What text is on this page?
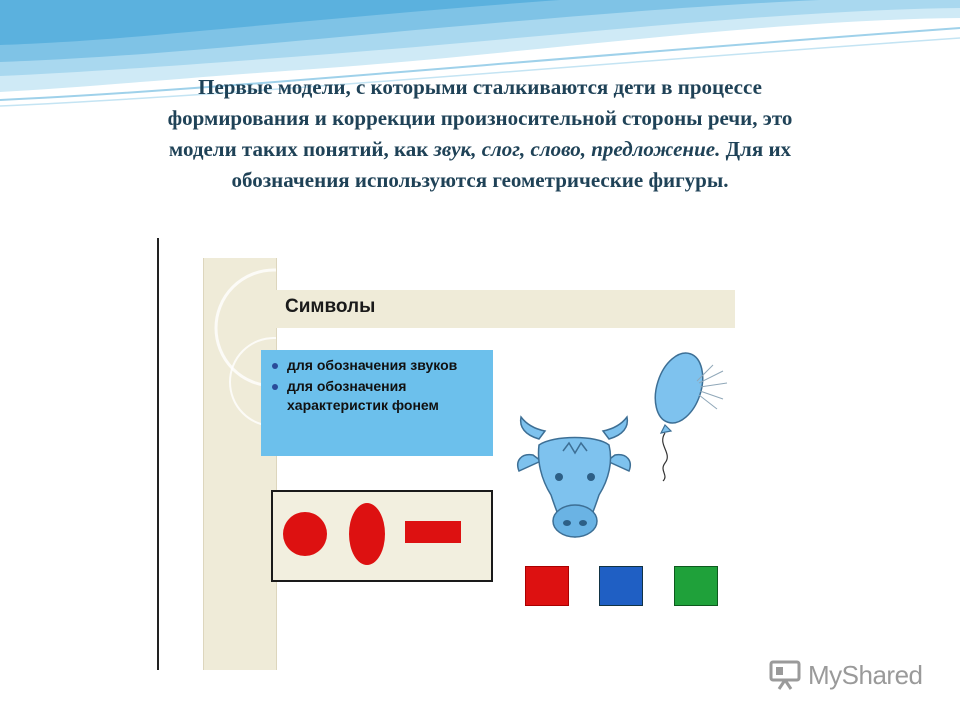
Первые модели, с которыми сталкиваются дети в процессе
формирования и коррекции произносительной стороны речи, это
модели таких понятий, как звук, слог, слово, предложение. Для их
обозначения используются геометрические фигуры.
Символы
для обозначения звуков
для обозначения характеристик фонем
MyShared
